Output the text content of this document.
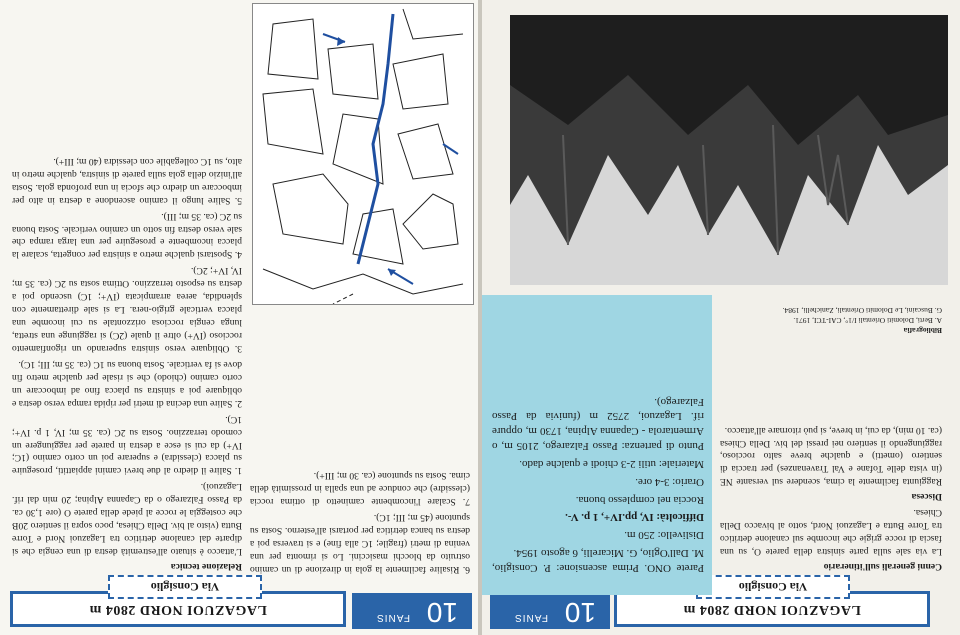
10
FANIS
LAGAZUOI NORD 2804 m
Via Consiglio

Relazione tecnica

L'attacco è situato all'estremità destra di una cengia che si diparte dal canalone detritico tra Lagazuoi Nord e Torre Butta (visto al biv. Della Chiesa, poco sopra il sentiero 20B che costeggia le rocce al piede della parete O (ore 1,30 ca. da Passo Falzarego o da Capanna Alpina; 20 min dal rif. Lagazuoi).

1. Salire il diedro al due brevi camini appiattiti, proseguire su placca (clessidra) e superare poi un corto camino (1C; IV+) da cui si esce a destra in parete per raggiungere un comodo terrazzino. Sosta su 2C (ca. 35 m; IV, 1 p. IV+; 1C).

2. Salire una decina di metri per ripida rampa verso destra e obliquare poi a sinistra su placca fino ad imboccare un corto camino (chiodo) che si risale per qualche metro fin dove si fa verticale. Sosta buona su 1C (ca. 35 m; III; 1C).

3. Obliquare verso sinistra superando un rigonfiamento roccioso (IV+) oltre il quale (2C) si raggiunge una stretta, lunga cengia rocciosa orizzontale su cui incombe una placca verticale grigio-nera. La si sale direttamente con splendida, aerea arrampicata (IV+; 1C) uscendo poi a destra su esposto terrazzino. Ottima sosta su 2C (ca. 35 m; IV, IV+; 2C).

4. Spostarsi qualche metro a sinistra per congetta, scalare la placca incombente e proseguire per una larga rampa che sale verso destra fin sotto un camino verticale. Sosta buona su 2C (ca. 35 m; III).

5. Salire lungo il camino ascendone a destra in alto per imboccare un diedro che sfocia in una profonda gola. Sosta all'inizio della gola sulla parete di sinistra, qualche metro in alto, su 1C collegabile con clessidra (40 m; III+).

6. Risalire facilmente la gola in direzione di un camino ostruito da blocchi masiccini. Lo si rimonta per una venina di metri (fragile; 1C alla fine) e si traversa poi a destra su banca detritica per portarsi all'esterno. Sosta su spuntone (45 m; III; 1C).

7. Scalare l'incombente caminetto di ottima roccia (clessidre) che conduce ad una spalla in prossimità della cima. Sosta su spuntone (ca. 30 m; III+).

10
FANIS
LAGAZUOI NORD 2804 m
Via Consiglio

Parete ONO. Prima ascensione: P. Consiglio, M. Dall'Oglio, G. Micarelli, 6 agosto 1954.

Dislivello: 250 m.

Difficoltà: IV, pp.IV+, 1 p. V-.

Roccia nel complesso buona.

Orario: 3-4 ore.

Materiale: utili 2-3 chiodi e qualche dado.

Punto di partenza: Passo Falzarego, 2105 m, o Armentarola - Capanna Alpina, 1730 m, oppure rif. Lagazuoi, 2752 m (funivia da Passo Falzarego).

Cenni generali sull'itinerario

La via sale sulla parte sinistra della parete O, su una fascia di rocce grigie che incombe sul canalone detritico tra Torre Butta e Lagazuoi Nord, sotto al bivacco Della Chiesa.

Discesa

Raggiunta facilmente la cima, scendere sul versante NE (in vista delle Tofane e Val Travenanzes) per traccia di sentiero (ometti) e qualche breve salto roccioso, raggiungendo il sentiero nei pressi del biv. Della Chiesa (ca. 10 min), da cui, in breve, si può ritornare all'attacco.

Bibliografia
A. Berti, Dolomiti Orientali I/1°, CAI-TCI, 1971.
G. Buscaini, Le Dolomiti Orientali, Zanichelli, 1984.
